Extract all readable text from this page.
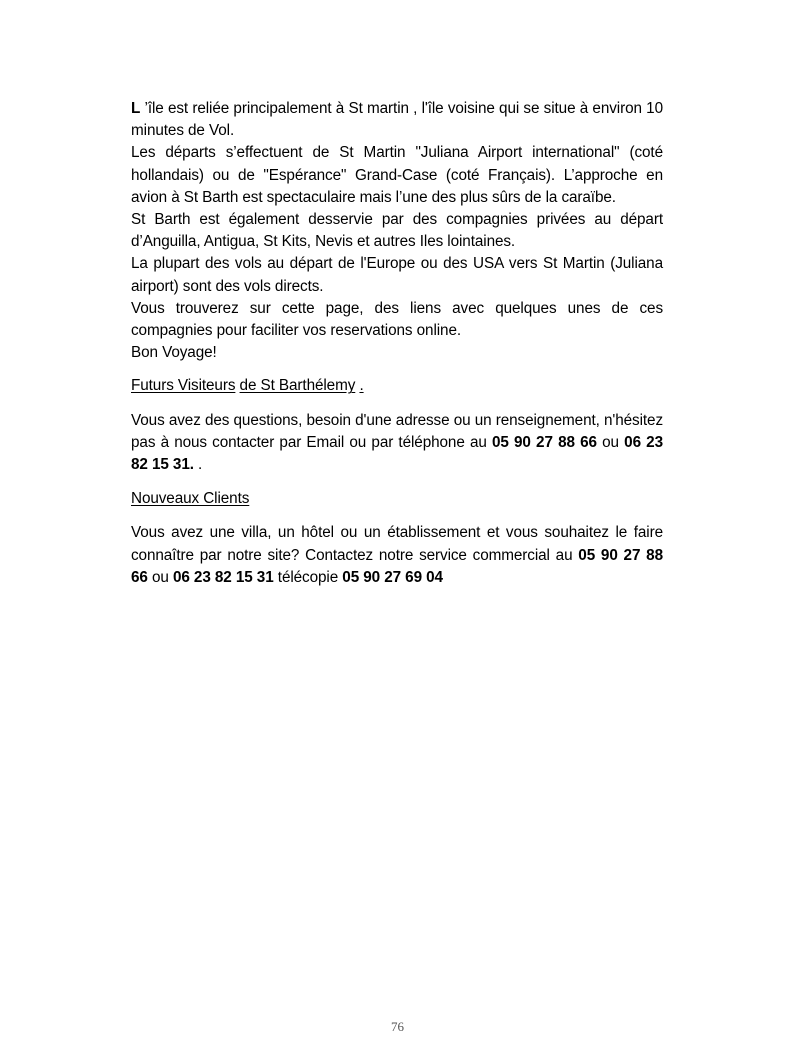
L ’île est reliée principalement à St martin , l'île voisine qui se situe à environ 10 minutes de Vol.

Les départs s’effectuent de St Martin "Juliana Airport international" (coté hollandais) ou de "Espérance" Grand-Case (coté Français). L’approche en avion à St Barth est spectaculaire mais l’une des plus sûrs de la caraïbe.

St Barth est également desservie par des compagnies privées au départ d’Anguilla, Antigua, St Kits, Nevis et autres Iles lointaines.

La plupart des vols au départ de l'Europe ou des USA vers St Martin (Juliana airport) sont des vols directs.

Vous trouverez sur cette page, des liens avec quelques unes de ces compagnies pour faciliter vos reservations online.

Bon Voyage!

Futurs Visiteurs de St Barthélemy .

Vous avez des questions, besoin d'une adresse ou un renseignement, n'hésitez pas à nous contacter par Email ou par téléphone au 05 90 27 88 66 ou 06 23 82 15 31. .

Nouveaux Clients

Vous avez une villa, un hôtel ou un établissement et vous souhaitez le faire connaître par notre site? Contactez notre service commercial au 05 90 27 88 66 ou 06 23 82 15 31 télécopie 05 90 27 69 04

76
